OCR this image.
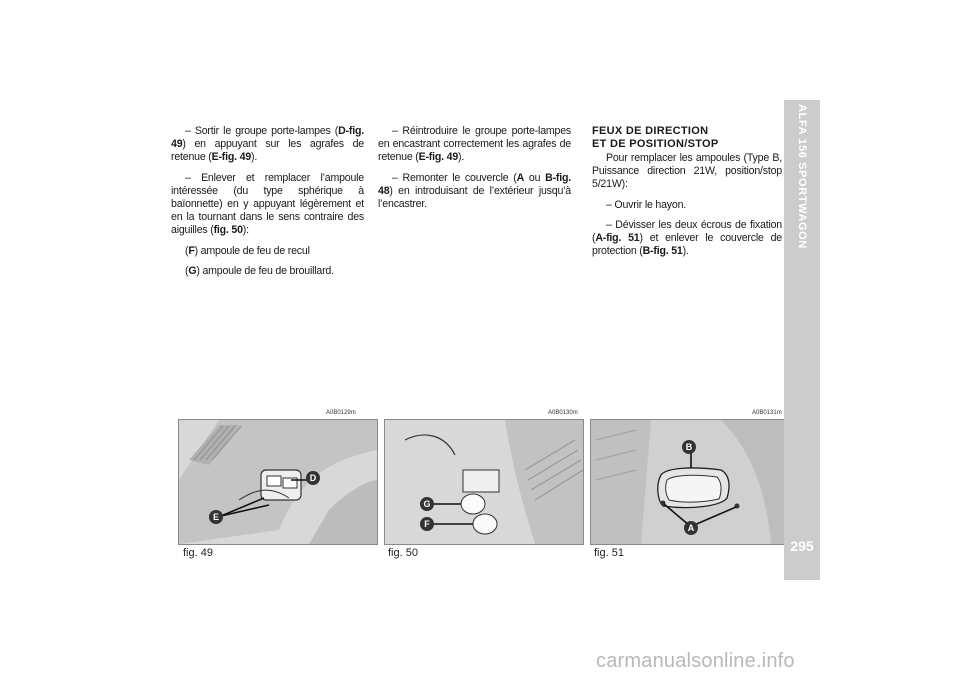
– Sortir le groupe porte-lampes (D-fig. 49) en appuyant sur les agrafes de retenue (E-fig. 49).

– Enlever et remplacer l’ampoule intéressée (du type sphérique à baïonnette) en y appuyant légèrement et en la tournant dans le sens contraire des aiguilles (fig. 50):

(F) ampoule de feu de recul

(G) ampoule de feu de brouillard.

– Réintroduire le groupe porte-lampes en encastrant correctement les agrafes de retenue (E-fig. 49).

– Remonter le couvercle (A ou B-fig. 48) en introduisant de l’extérieur jusqu’à l’encastrer.

FEUX DE DIRECTION
ET DE POSITION/STOP

Pour remplacer les ampoules (Type B, Puissance direction 21W, position/stop 5/21W):

– Ouvrir le hayon.

– Dévisser les deux écrous de fixation (A-fig. 51) et enlever le couvercle de protection (B-fig. 51).

A0B0129m
D
E
fig. 49
A0B0130m
G
F
fig. 50
A0B0131m
B
A
fig. 51
ALFA 156 SPORTWAGON
295
carmanualsonline.info
